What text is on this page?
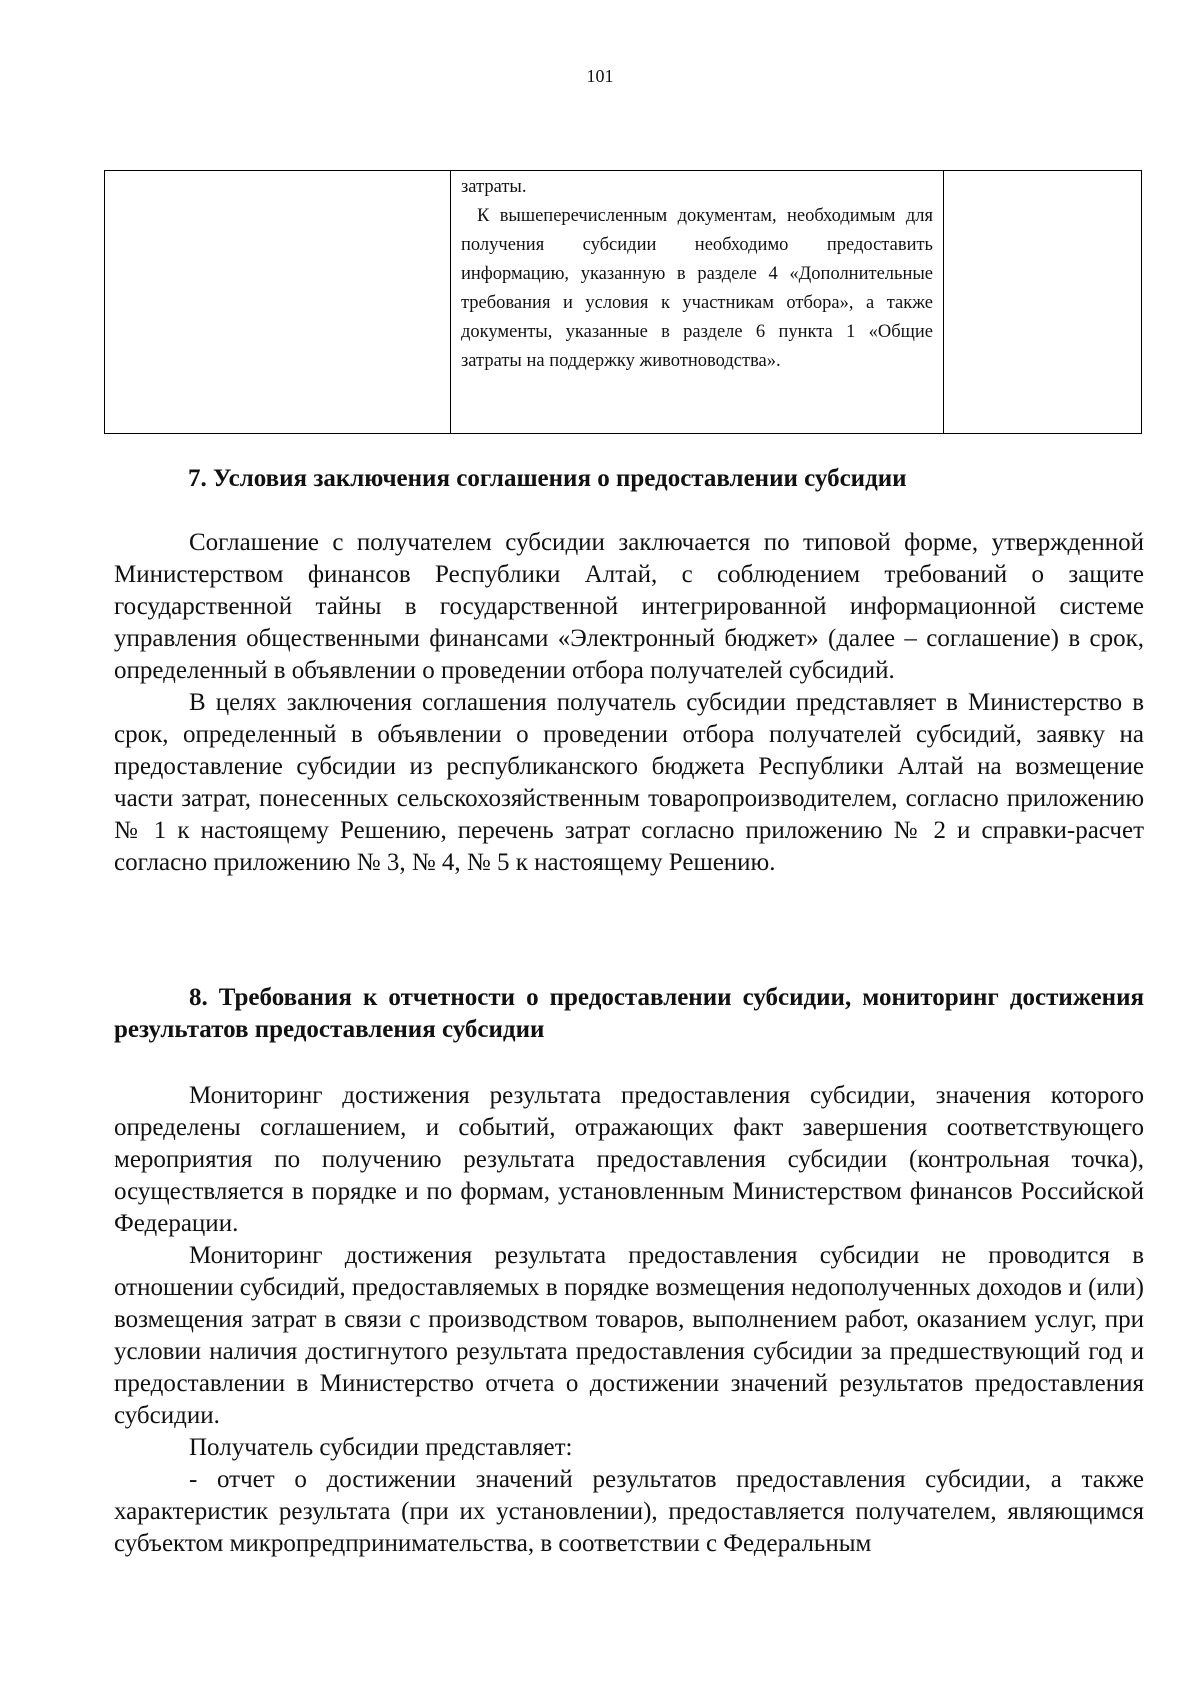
101

затраты.

К вышеперечисленным документам, необходимым для получения субсидии необходимо предоставить информацию, указанную в разделе 4 «Дополнительные требования и условия к участникам отбора», а также документы, указанные в разделе 6 пункта 1 «Общие затраты на поддержку животноводства».

7. Условия заключения соглашения о предоставлении субсидии

Соглашение с получателем субсидии заключается по типовой форме, утвержденной Министерством финансов Республики Алтай, с соблюдением требований о защите государственной тайны в государственной интегрированной информационной системе управления общественными финансами «Электронный бюджет» (далее – соглашение) в срок, определенный в объявлении о проведении отбора получателей субсидий.

В целях заключения соглашения получатель субсидии представляет в Министерство в срок, определенный в объявлении о проведении отбора получателей субсидий, заявку на предоставление субсидии из республиканского бюджета Республики Алтай на возмещение части затрат, понесенных сельскохозяйственным товаропроизводителем, согласно приложению № 1 к настоящему Решению, перечень затрат согласно приложению № 2 и справки-расчет согласно приложению № 3, № 4, № 5 к настоящему Решению.

8. Требования к отчетности о предоставлении субсидии, мониторинг достижения результатов предоставления субсидии

Мониторинг достижения результата предоставления субсидии, значения которого определены соглашением, и событий, отражающих факт завершения соответствующего мероприятия по получению результата предоставления субсидии (контрольная точка), осуществляется в порядке и по формам, установленным Министерством финансов Российской Федерации.

Мониторинг достижения результата предоставления субсидии не проводится в отношении субсидий, предоставляемых в порядке возмещения недополученных доходов и (или) возмещения затрат в связи с производством товаров, выполнением работ, оказанием услуг, при условии наличия достигнутого результата предоставления субсидии за предшествующий год и предоставлении в Министерство отчета о достижении значений результатов предоставления субсидии.

Получатель субсидии представляет:

- отчет о достижении значений результатов предоставления субсидии, а также характеристик результата (при их установлении), предоставляется получателем, являющимся субъектом микропредпринимательства, в соответствии с Федеральным
